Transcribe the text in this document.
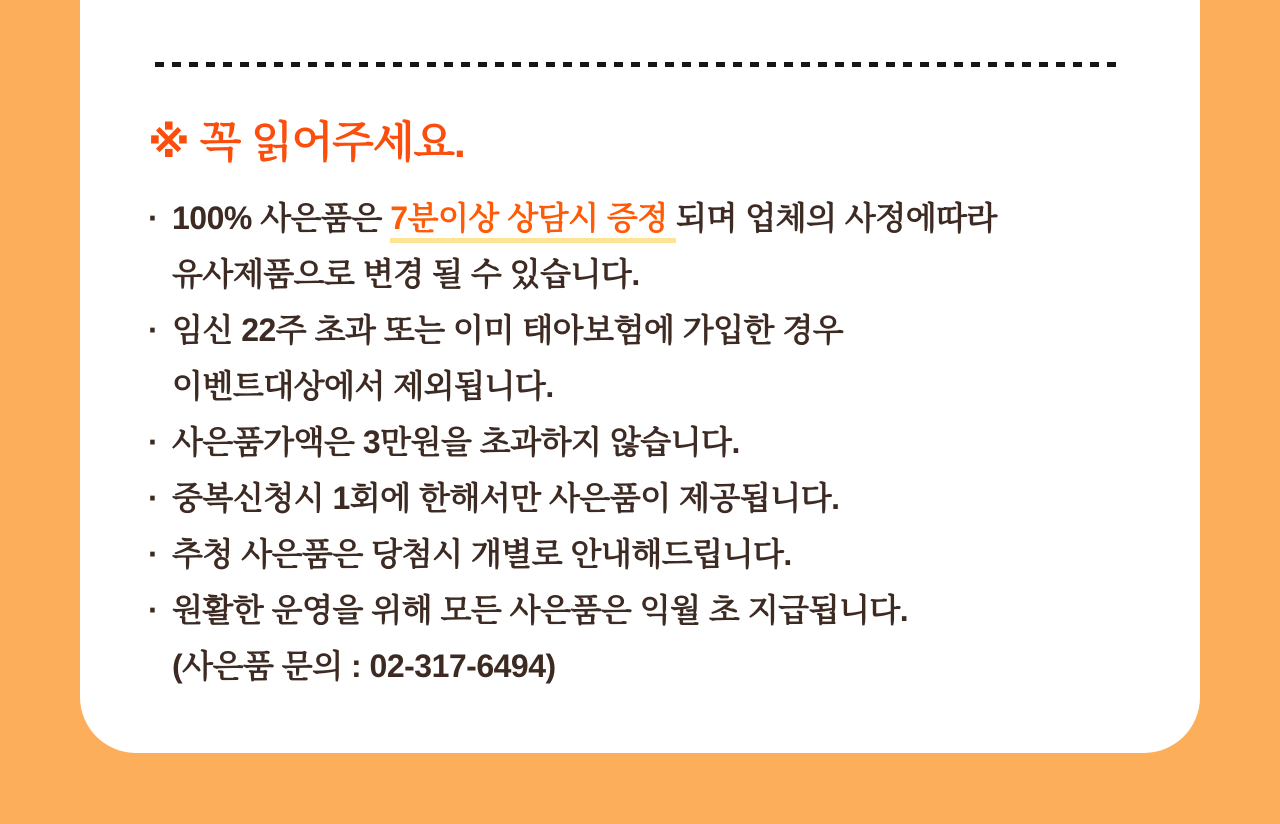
※ 꼭 읽어주세요.
· 100% 사은품은 7분이상 상담시 증정 되며 업체의 사정에따라
유사제품으로 변경 될 수 있습니다.
· 임신 22주 초과 또는 이미 태아보험에 가입한 경우
이벤트대상에서 제외됩니다.
· 사은품가액은 3만원을 초과하지 않습니다.
· 중복신청시 1회에 한해서만 사은품이 제공됩니다.
· 추청 사은품은 당첨시 개별로 안내해드립니다.
· 원활한 운영을 위해 모든 사은품은 익월 초 지급됩니다.
(사은품 문의 : 02-317-6494)
